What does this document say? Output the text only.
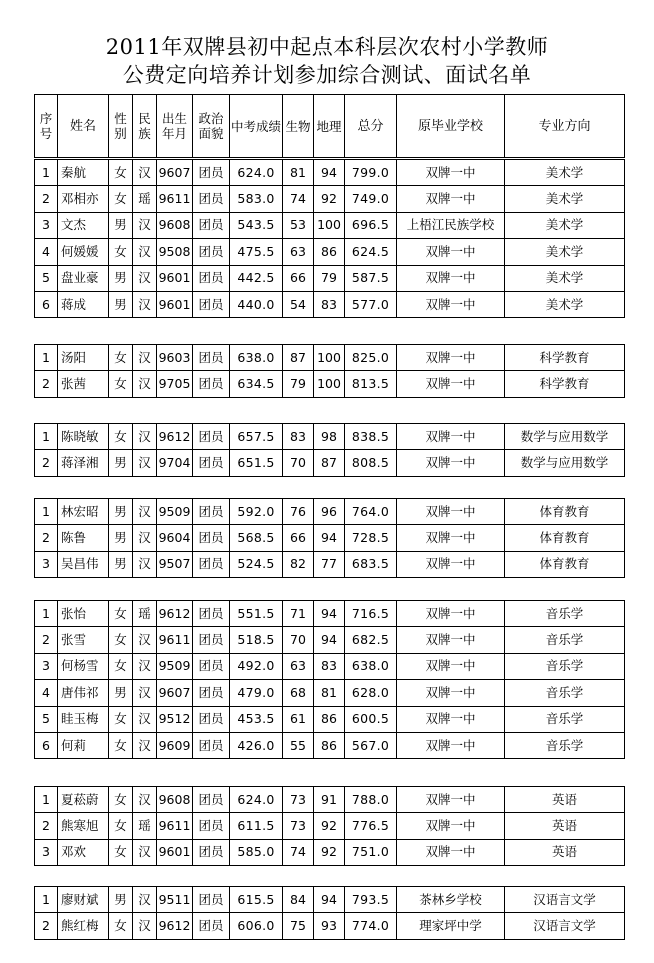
2011年双牌县初中起点本科层次农村小学教师
公费定向培养计划参加综合测试、面试名单
序号	姓名	性别	民族	出生年月	政治面貌	中考成绩	生物	地理	总分	原毕业学校	专业方向
1	秦航	女	汉	9607	团员	624.0	81	94	799.0	双牌一中	美术学
2	邓相亦	女	瑶	9611	团员	583.0	74	92	749.0	双牌一中	美术学
3	文杰	男	汉	9608	团员	543.5	53	100	696.5	上梧江民族学校	美术学
4	何媛媛	女	汉	9508	团员	475.5	63	86	624.5	双牌一中	美术学
5	盘业豪	男	汉	9601	团员	442.5	66	79	587.5	双牌一中	美术学
6	蒋成	男	汉	9601	团员	440.0	54	83	577.0	双牌一中	美术学
1	汤阳	女	汉	9603	团员	638.0	87	100	825.0	双牌一中	科学教育
2	张茜	女	汉	9705	团员	634.5	79	100	813.5	双牌一中	科学教育
1	陈晓敏	女	汉	9612	团员	657.5	83	98	838.5	双牌一中	数学与应用数学
2	蒋泽湘	男	汉	9704	团员	651.5	70	87	808.5	双牌一中	数学与应用数学
1	林宏昭	男	汉	9509	团员	592.0	76	96	764.0	双牌一中	体育教育
2	陈鲁	男	汉	9604	团员	568.5	66	94	728.5	双牌一中	体育教育
3	吴昌伟	男	汉	9507	团员	524.5	82	77	683.5	双牌一中	体育教育
1	张怡	女	瑶	9612	团员	551.5	71	94	716.5	双牌一中	音乐学
2	张雪	女	汉	9611	团员	518.5	70	94	682.5	双牌一中	音乐学
3	何杨雪	女	汉	9509	团员	492.0	63	83	638.0	双牌一中	音乐学
4	唐伟祁	男	汉	9607	团员	479.0	68	81	628.0	双牌一中	音乐学
5	眭玉梅	女	汉	9512	团员	453.5	61	86	600.5	双牌一中	音乐学
6	何莉	女	汉	9609	团员	426.0	55	86	567.0	双牌一中	音乐学
1	夏菘蔚	女	汉	9608	团员	624.0	73	91	788.0	双牌一中	英语
2	熊寒旭	女	瑶	9611	团员	611.5	73	92	776.5	双牌一中	英语
3	邓欢	女	汉	9601	团员	585.0	74	92	751.0	双牌一中	英语
1	廖财斌	男	汉	9511	团员	615.5	84	94	793.5	茶林乡学校	汉语言文学
2	熊红梅	女	汉	9612	团员	606.0	75	93	774.0	理家坪中学	汉语言文学
